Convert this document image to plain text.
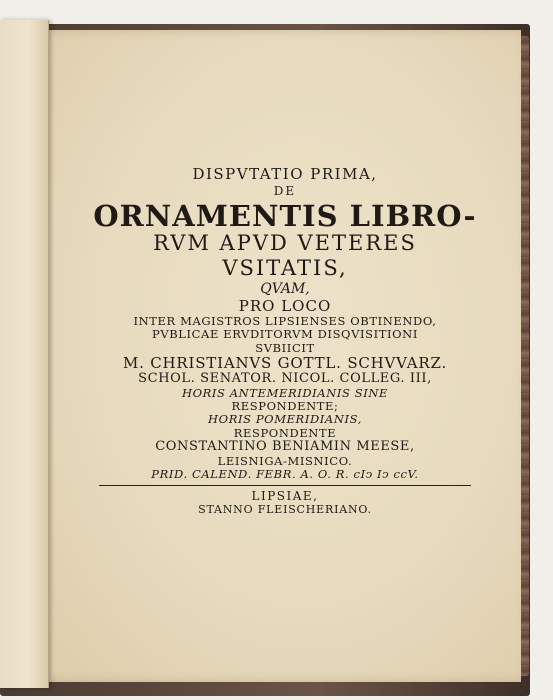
DISPVTATIO PRIMA,
DE
ORNAMENTIS LIBRO-
RVM APVD VETERES
VSITATIS,
QVAM,
PRO LOCO
INTER MAGISTROS LIPSIENSES OBTINENDO,
PVBLICAE ERVDITORVM DISQVISITIONI
SVBIICIT
M. CHRISTIANVS GOTTL. SCHVVARZ.
SCHOL. SENATOR. NICOL. COLLEG. III,
HORIS ANTEMERIDIANIS SINE
RESPONDENTE;
HORIS POMERIDIANIS,
RESPONDENTE
CONSTANTINO BENIAMIN MEESE,
LEISNIGA-MISNICO.
PRID. CALEND. FEBR. A. O. R. cIↄ Iↄ ccV.
LIPSIAE,
STANNO FLEISCHERIANO.
